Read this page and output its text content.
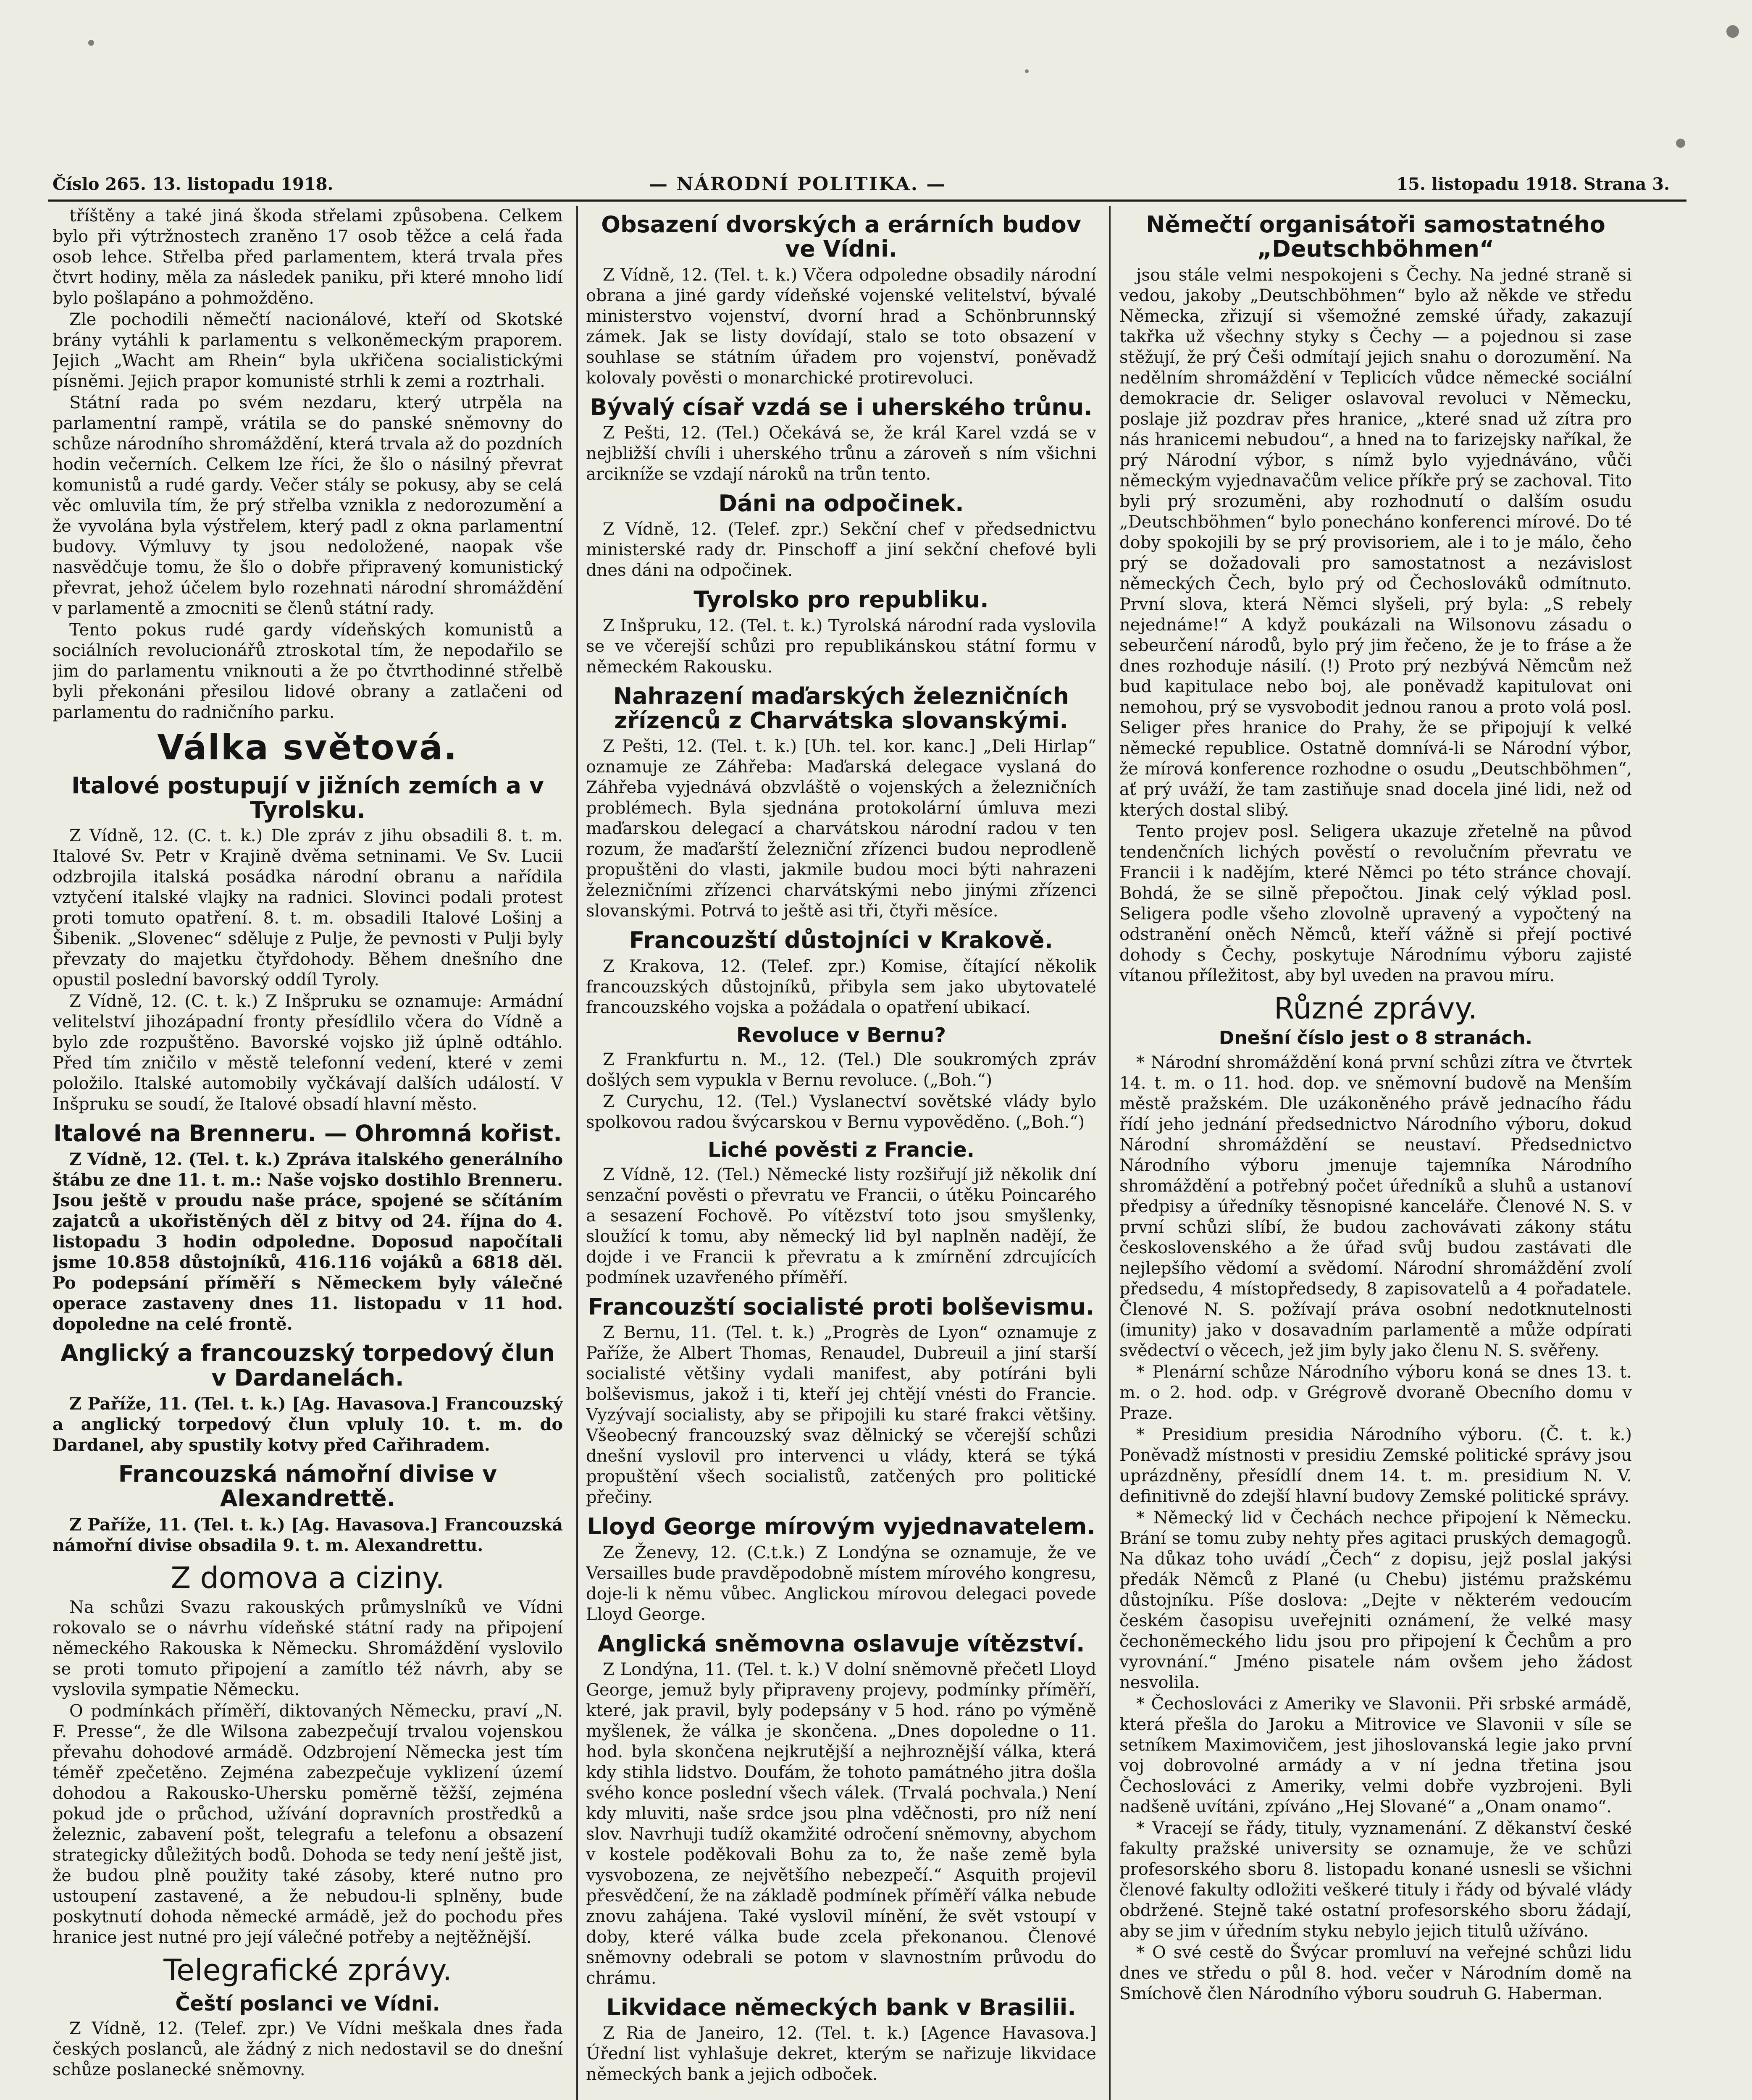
Číslo 265. 13. listopadu 1918.	— NÁRODNÍ POLITIKA. —	15. listopadu 1918. Strana 3.

tříštěny a také jiná škoda střelami způsobena. Celkem bylo při výtržnostech zraněno 17 osob těžce a celá řada osob lehce. Střelba před parlamentem, která trvala přes čtvrt hodiny, měla za následek paniku, při které mnoho lidí bylo pošlapáno a pohmožděno.

Zle pochodili němečtí nacionálové, kteří od Skotské brány vytáhli k parlamentu s velkoněmeckým praporem. Jejich „Wacht am Rhein“ byla ukřičena socialistickými písněmi. Jejich prapor komunisté strhli k zemi a roztrhali.

Státní rada po svém nezdaru, který utrpěla na parlamentní rampě, vrátila se do panské sněmovny do schůze národního shromáždění, která trvala až do pozdních hodin večerních. Celkem lze říci, že šlo o násilný převrat komunistů a rudé gardy. Večer stály se pokusy, aby se celá věc omluvila tím, že prý střelba vznikla z nedorozumění a že vyvolána byla výstřelem, který padl z okna parlamentní budovy. Výmluvy ty jsou nedoložené, naopak vše nasvědčuje tomu, že šlo o dobře připravený komunistický převrat, jehož účelem bylo rozehnati národní shromáždění v parlamentě a zmocniti se členů státní rady.

Tento pokus rudé gardy vídeňských komunistů a sociálních revolucionářů ztroskotal tím, že nepodařilo se jim do parlamentu vniknouti a že po čtvrthodinné střelbě byli překonáni přesilou lidové obrany a zatlačeni od parlamentu do radničního parku.

Válka světová.
Italové postupují v jižních zemích a v Tyrolsku.

Z Vídně, 12. (C. t. k.) Dle zpráv z jihu obsadili 8. t. m. Italové Sv. Petr v Krajině dvěma setninami. Ve Sv. Lucii odzbrojila italská posádka národní obranu a nařídila vztyčení italské vlajky na radnici. Slovinci podali protest proti tomuto opatření. 8. t. m. obsadili Italové Lošinj a Šibenik. „Slovenec“ sděluje z Pulje, že pevnosti v Pulji byly převzaty do majetku čtyřdohody. Během dnešního dne opustil poslední bavorský oddíl Tyroly.

Z Vídně, 12. (C. t. k.) Z Inšpruku se oznamuje: Armádní velitelství jihozápadní fronty přesídlilo včera do Vídně a bylo zde rozpuštěno. Bavorské vojsko již úplně odtáhlo. Před tím zničilo v městě telefonní vedení, které v zemi položilo. Italské automobily vyčkávají dalších událostí. V Inšpruku se soudí, že Italové obsadí hlavní město.

Italové na Brenneru. — Ohromná kořist.

Z Vídně, 12. (Tel. t. k.) Zpráva italského generálního štábu ze dne 11. t. m.: Naše vojsko dostihlo Brenneru. Jsou ještě v proudu naše práce, spojené se sčítáním zajatců a ukořistěných děl z bitvy od 24. října do 4. listopadu 3 hodin odpoledne. Doposud napočítali jsme 10.858 důstojníků, 416.116 vojáků a 6818 děl. Po podepsání příměří s Německem byly válečné operace zastaveny dnes 11. listopadu v 11 hod. dopoledne na celé frontě.

Anglický a francouzský torpedový člun v Dardanelách.

Z Paříže, 11. (Tel. t. k.) [Ag. Havasova.] Francouzský a anglický torpedový člun vpluly 10. t. m. do Dardanel, aby spustily kotvy před Cařihradem.

Francouzská námořní divise v Alexandrettě.

Z Paříže, 11. (Tel. t. k.) [Ag. Havasova.] Francouzská námořní divise obsadila 9. t. m. Alexandrettu.

Z domova a ciziny.

Na schůzi Svazu rakouských průmyslníků ve Vídni rokovalo se o návrhu vídeňské státní rady na připojení německého Rakouska k Německu. Shromáždění vyslovilo se proti tomuto připojení a zamítlo též návrh, aby se vyslovila sympatie Německu.

O podmínkách příměří, diktovaných Německu, praví „N. F. Presse“, že dle Wilsona zabezpečují trvalou vojenskou převahu dohodové armádě. Odzbrojení Německa jest tím téměř zpečetěno. Zejména zabezpečuje vyklizení území dohodou a Rakousko-Uhersku poměrně těžší, zejména pokud jde o průchod, užívání dopravních prostředků a železnic, zabavení pošt, telegrafu a telefonu a obsazení strategicky důležitých bodů. Dohoda se tedy není ještě jist, že budou plně použity také zásoby, které nutno pro ustoupení zastavené, a že nebudou-li splněny, bude poskytnutí dohoda německé armádě, jež do pochodu přes hranice jest nutné pro její válečné potřeby a nejtěžnější.

Telegrafické zprávy.
Čeští poslanci ve Vídni.

Z Vídně, 12. (Telef. zpr.) Ve Vídni meškala dnes řada českých poslanců, ale žádný z nich nedostavil se do dnešní schůze poslanecké sněmovny.

Obsazení dvorských a erárních budov ve Vídni.

Z Vídně, 12. (Tel. t. k.) Včera odpoledne obsadily národní obrana a jiné gardy vídeňské vojenské velitelství, bývalé ministerstvo vojenství, dvorní hrad a Schönbrunnský zámek. Jak se listy dovídají, stalo se toto obsazení v souhlase se státním úřadem pro vojenství, poněvadž kolovaly pověsti o monarchické protirevoluci.

Bývalý císař vzdá se i uherského trůnu.

Z Pešti, 12. (Tel.) Očekává se, že král Karel vzdá se v nejbližší chvíli i uherského trůnu a zároveň s ním všichni arcikníže se vzdají nároků na trůn tento.

Dáni na odpočinek.

Z Vídně, 12. (Telef. zpr.) Sekční chef v předsednictvu ministerské rady dr. Pinschoff a jiní sekční chefové byli dnes dáni na odpočinek.

Tyrolsko pro republiku.

Z Inšpruku, 12. (Tel. t. k.) Tyrolská národní rada vyslovila se ve včerejší schůzi pro republikánskou státní formu v německém Rakousku.

Nahrazení maďarských železničních zřízenců z Charvátska slovanskými.

Z Pešti, 12. (Tel. t. k.) [Uh. tel. kor. kanc.] „Deli Hirlap“ oznamuje ze Záhřeba: Maďarská delegace vyslaná do Záhřeba vyjednává obzvláště o vojenských a železničních problémech. Byla sjednána protokolární úmluva mezi maďarskou delegací a charvátskou národní radou v ten rozum, že maďarští železniční zřízenci budou neprodleně propuštěni do vlasti, jakmile budou moci býti nahrazeni železničními zřízenci charvátskými nebo jinými zřízenci slovanskými. Potrvá to ještě asi tři, čtyři měsíce.

Francouzští důstojníci v Krakově.

Z Krakova, 12. (Telef. zpr.) Komise, čítající několik francouzských důstojníků, přibyla sem jako ubytovatelé francouzského vojska a požádala o opatření ubikací.

Revoluce v Bernu?

Z Frankfurtu n. M., 12. (Tel.) Dle soukromých zpráv došlých sem vypukla v Bernu revoluce. („Boh.“)

Z Curychu, 12. (Tel.) Vyslanectví sovětské vlády bylo spolkovou radou švýcarskou v Bernu vypověděno. („Boh.“)

Liché pověsti z Francie.

Z Vídně, 12. (Tel.) Německé listy rozšiřují již několik dní senzační pověsti o převratu ve Francii, o útěku Poincarého a sesazení Fochově. Po vítězství toto jsou smyšlenky, sloužící k tomu, aby německý lid byl naplněn nadějí, že dojde i ve Francii k převratu a k zmírnění zdrcujících podmínek uzavřeného příměří.

Francouzští socialisté proti bolševismu.

Z Bernu, 11. (Tel. t. k.) „Progrès de Lyon“ oznamuje z Paříže, že Albert Thomas, Renaudel, Dubreuil a jiní starší socialisté většiny vydali manifest, aby potíráni byli bolševismus, jakož i ti, kteří jej chtějí vnésti do Francie. Vyzývají socialisty, aby se připojili ku staré frakci většiny. Všeobecný francouzský svaz dělnický se včerejší schůzi dnešní vyslovil pro intervenci u vlády, která se týká propuštění všech socialistů, zatčených pro politické přečiny.

Lloyd George mírovým vyjednavatelem.

Ze Ženevy, 12. (C.t.k.) Z Londýna se oznamuje, že ve Versailles bude pravděpodobně místem mírového kongresu, doje-li k němu vůbec. Anglickou mírovou delegaci povede Lloyd George.

Anglická sněmovna oslavuje vítězství.

Z Londýna, 11. (Tel. t. k.) V dolní sněmovně přečetl Lloyd George, jemuž byly připraveny projevy, podmínky příměří, které, jak pravil, byly podepsány v 5 hod. ráno po výměně myšlenek, že válka je skončena. „Dnes dopoledne o 11. hod. byla skončena nejkrutější a nejhroznější válka, která kdy stihla lidstvo. Doufám, že tohoto památného jitra došla svého konce poslední všech válek. (Trvalá pochvala.) Není kdy mluviti, naše srdce jsou plna vděčnosti, pro níž není slov. Navrhuji tudíž okamžité odročení sněmovny, abychom v kostele poděkovali Bohu za to, že naše země byla vysvobozena, ze největšího nebezpečí.“ Asquith projevil přesvědčení, že na základě podmínek příměří válka nebude znovu zahájena. Také vyslovil mínění, že svět vstoupí v doby, které válka bude zcela překonanou. Členové sněmovny odebrali se potom v slavnostním průvodu do chrámu.

Likvidace německých bank v Brasilii.

Z Ria de Janeiro, 12. (Tel. t. k.) [Agence Havasova.] Úřední list vyhlašuje dekret, kterým se nařizuje likvidace německých bank a jejich odboček.

Němečtí organisátoři samostatného „Deutschböhmen“

jsou stále velmi nespokojeni s Čechy. Na jedné straně si vedou, jakoby „Deutschböhmen“ bylo až někde ve středu Německa, zřizují si všemožné zemské úřady, zakazují takřka už všechny styky s Čechy — a pojednou si zase stěžují, že prý Češi odmítají jejich snahu o dorozumění. Na nedělním shromáždění v Teplicích vůdce německé sociální demokracie dr. Seliger oslavoval revoluci v Německu, poslaje již pozdrav přes hranice, „které snad už zítra pro nás hranicemi nebudou“, a hned na to farizejsky naříkal, že prý Národní výbor, s nímž bylo vyjednáváno, vůči německým vyjednavačům velice příkře prý se zachoval. Tito byli prý srozuměni, aby rozhodnutí o dalším osudu „Deutschböhmen“ bylo ponecháno konferenci mírové. Do té doby spokojili by se prý provisoriem, ale i to je málo, čeho prý se dožadovali pro samostatnost a nezávislost německých Čech, bylo prý od Čechoslováků odmítnuto. První slova, která Němci slyšeli, prý byla: „S rebely nejednáme!“ A když poukázali na Wilsonovu zásadu o sebeurčení národů, bylo prý jim řečeno, že je to fráse a že dnes rozhoduje násilí. (!) Proto prý nezbývá Němcům než bud kapitulace nebo boj, ale poněvadž kapitulovat oni nemohou, prý se vysvobodit jednou ranou a proto volá posl. Seliger přes hranice do Prahy, že se připojují k velké německé republice. Ostatně domnívá-li se Národní výbor, že mírová konference rozhodne o osudu „Deutschböhmen“, ať prý uváží, že tam zastiňuje snad docela jiné lidi, než od kterých dostal slibý.

Tento projev posl. Seligera ukazuje zřetelně na původ tendenčních lichých pověstí o revolučním převratu ve Francii i k nadějím, které Němci po této stránce chovají. Bohdá, že se silně přepočtou. Jinak celý výklad posl. Seligera podle všeho zlovolně upravený a vypočtený na odstranění oněch Němců, kteří vážně si přejí poctivé dohody s Čechy, poskytuje Národnímu výboru zajisté vítanou příležitost, aby byl uveden na pravou míru.

Různé zprávy.
Dnešní číslo jest o 8 stranách.

* Národní shromáždění koná první schůzi zítra ve čtvrtek 14. t. m. o 11. hod. dop. ve sněmovní budově na Menším městě pražském. Dle uzákoněného právě jednacího řádu řídí jeho jednání předsednictvo Národního výboru, dokud Národní shromáždění se neustaví. Předsednictvo Národního výboru jmenuje tajemníka Národního shromáždění a potřebný počet úředníků a sluhů a ustanoví předpisy a úředníky těsnopisné kanceláře. Členové N. S. v první schůzi slíbí, že budou zachovávati zákony státu československého a že úřad svůj budou zastávati dle nejlepšího vědomí a svědomí. Národní shromáždění zvolí předsedu, 4 místopředsedy, 8 zapisovatelů a 4 pořadatele. Členové N. S. požívají práva osobní nedotknutelnosti (imunity) jako v dosavadním parlamentě a může odpírati svědectví o věcech, jež jim byly jako členu N. S. svěřeny.

* Plenární schůze Národního výboru koná se dnes 13. t. m. o 2. hod. odp. v Grégrově dvoraně Obecního domu v Praze.

* Presidium presidia Národního výboru. (Č. t. k.) Poněvadž místnosti v presidiu Zemské politické správy jsou uprázdněny, přesídlí dnem 14. t. m. presidium N. V. definitivně do zdejší hlavní budovy Zemské politické správy.

* Německý lid v Čechách nechce připojení k Německu. Brání se tomu zuby nehty přes agitaci pruských demagogů. Na důkaz toho uvádí „Čech“ z dopisu, jejž poslal jakýsi předák Němců z Plané (u Chebu) jistému pražskému důstojníku. Píše doslova: „Dejte v některém vedoucím českém časopisu uveřejniti oznámení, že velké masy čechoněmeckého lidu jsou pro připojení k Čechům a pro vyrovnání.“ Jméno pisatele nám ovšem jeho žádost nesvolila.

* Čechoslováci z Ameriky ve Slavonii. Při srbské armádě, která přešla do Jaroku a Mitrovice ve Slavonii v síle se setníkem Maximovičem, jest jihoslovanská legie jako první voj dobrovolné armády a v ní jedna třetina jsou Čechoslováci z Ameriky, velmi dobře vyzbrojeni. Byli nadšeně uvítáni, zpíváno „Hej Slované“ a „Onam onamo“.

* Vracejí se řády, tituly, vyznamenání. Z děkanství české fakulty pražské university se oznamuje, že ve schůzi profesorského sboru 8. listopadu konané usnesli se všichni členové fakulty odložiti veškeré tituly i řády od bývalé vlády obdržené. Stejně také ostatní profesorského sboru žádají, aby se jim v úředním styku nebylo jejich titulů užíváno.

* O své cestě do Švýcar promluví na veřejné schůzi lidu dnes ve středu o půl 8. hod. večer v Národním domě na Smíchově člen Národního výboru soudruh G. Haberman.
